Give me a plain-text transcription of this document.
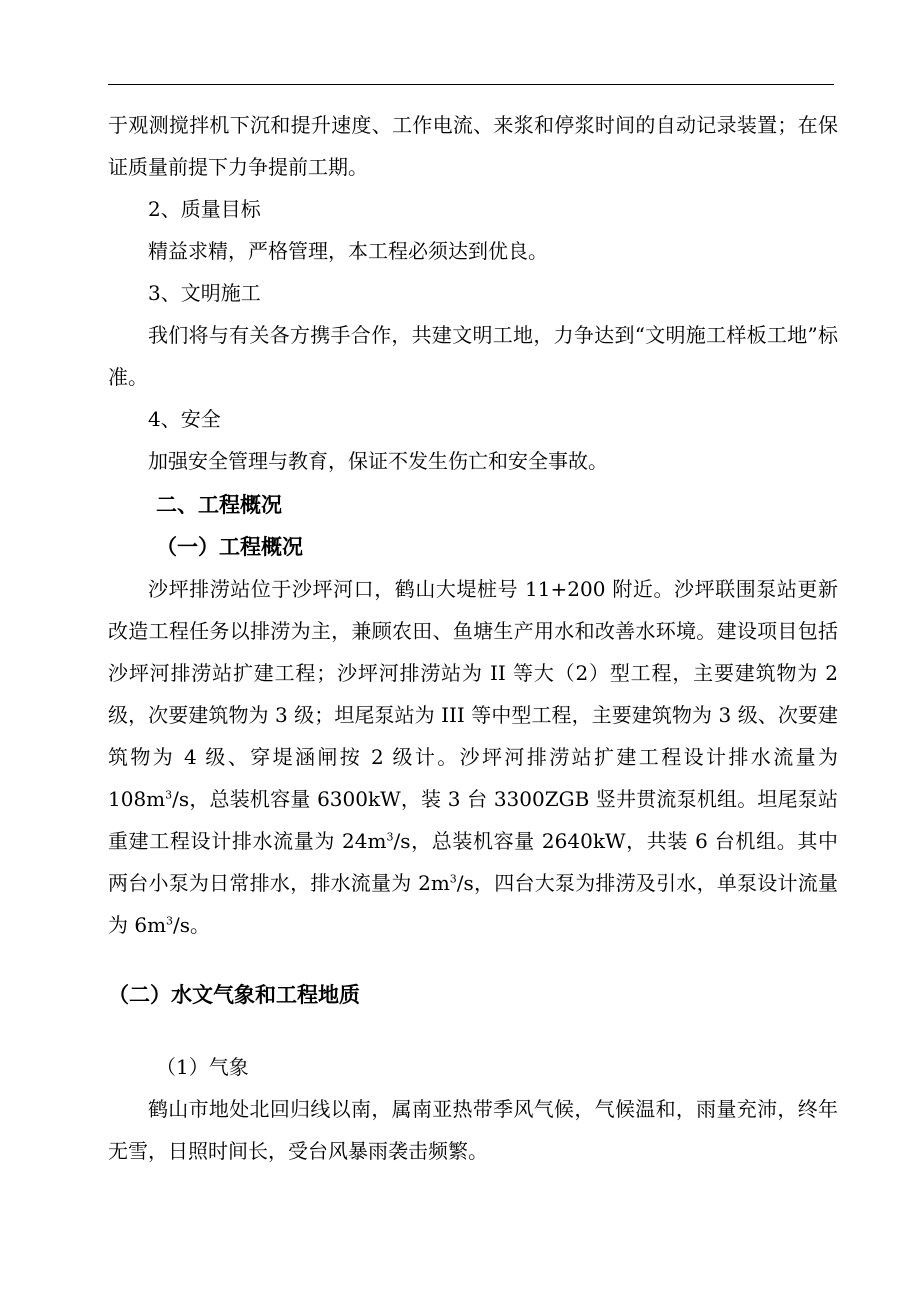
于观测搅拌机下沉和提升速度、工作电流、来浆和停浆时间的自动记录装置；在保证质量前提下力争提前工期。

2、质量目标

精益求精，严格管理，本工程必须达到优良。

3、文明施工

我们将与有关各方携手合作，共建文明工地，力争达到“文明施工样板工地”标准。

4、安全

加强安全管理与教育，保证不发生伤亡和安全事故。

二、工程概况

（一）工程概况

沙坪排涝站位于沙坪河口，鹤山大堤桩号 11+200 附近。沙坪联围泵站更新改造工程任务以排涝为主，兼顾农田、鱼塘生产用水和改善水环境。建设项目包括沙坪河排涝站扩建工程；沙坪河排涝站为 II 等大（2）型工程，主要建筑物为 2 级，次要建筑物为 3 级；坦尾泵站为 III 等中型工程，主要建筑物为 3 级、次要建筑物为 4 级、穿堤涵闸按 2 级计。沙坪河排涝站扩建工程设计排水流量为 $108m^3/s$，总装机容量 6300kW，装 3 台 3300ZGB 竖井贯流泵机组。坦尾泵站重建工程设计排水流量为 $24m^3/s$，总装机容量 2640kW，共装 6 台机组。其中两台小泵为日常排水，排水流量为 $2m^3/s$，四台大泵为排涝及引水，单泵设计流量为 $6m^3/s$。

（二）水文气象和工程地质

（1）气象

鹤山市地处北回归线以南，属南亚热带季风气候，气候温和，雨量充沛，终年无雪，日照时间长，受台风暴雨袭击频繁。
